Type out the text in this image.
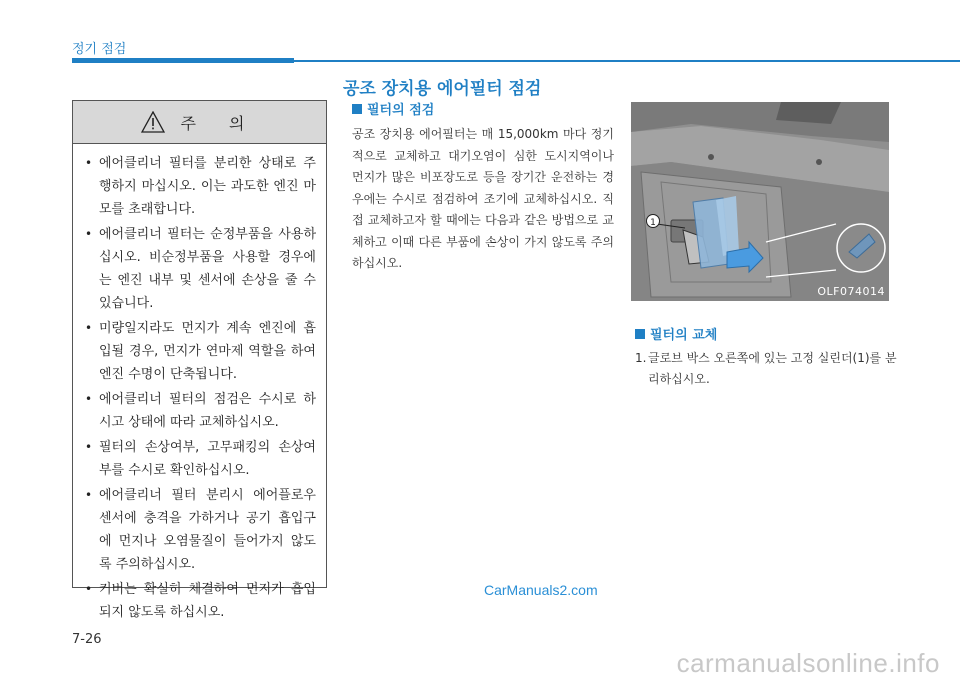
정기 점검
주 의
• 에어클리너 필터를 분리한 상태로 주행하지 마십시오. 이는 과도한 엔진 마모를 초래합니다.
• 에어클리너 필터는 순정부품을 사용하십시오. 비순정부품을 사용할 경우에는 엔진 내부 및 센서에 손상을 줄 수 있습니다.
• 미량일지라도 먼지가 계속 엔진에 흡입될 경우, 먼지가 연마제 역할을 하여 엔진 수명이 단축됩니다.
• 에어클리너 필터의 점검은 수시로 하시고 상태에 따라 교체하십시오.
• 필터의 손상여부, 고무패킹의 손상여부를 수시로 확인하십시오.
• 에어클리너 필터 분리시 에어플로우 센서에 충격을 가하거나 공기 흡입구에 먼지나 오염물질이 들어가지 않도록 주의하십시오.
• 커버는 확실히 체결하여 먼지가 흡입되지 않도록 하십시오.
공조 장치용 에어필터 점검
필터의 점검
공조 장치용 에어필터는 매 15,000km 마다 정기적으로 교체하고 대기오염이 심한 도시지역이나 먼지가 많은 비포장도로 등을 장기간 운전하는 경우에는 수시로 점검하여 조기에 교체하십시오. 직접 교체하고자 할 때에는 다음과 같은 방법으로 교체하고 이때 다른 부품에 손상이 가지 않도록 주의하십시오.
1
OLF074014
필터의 교체
1. 글로브 박스 오른쪽에 있는 고정 실린더(1)를 분리하십시오.
CarManuals2.com
7-26
carmanualsonline.info
